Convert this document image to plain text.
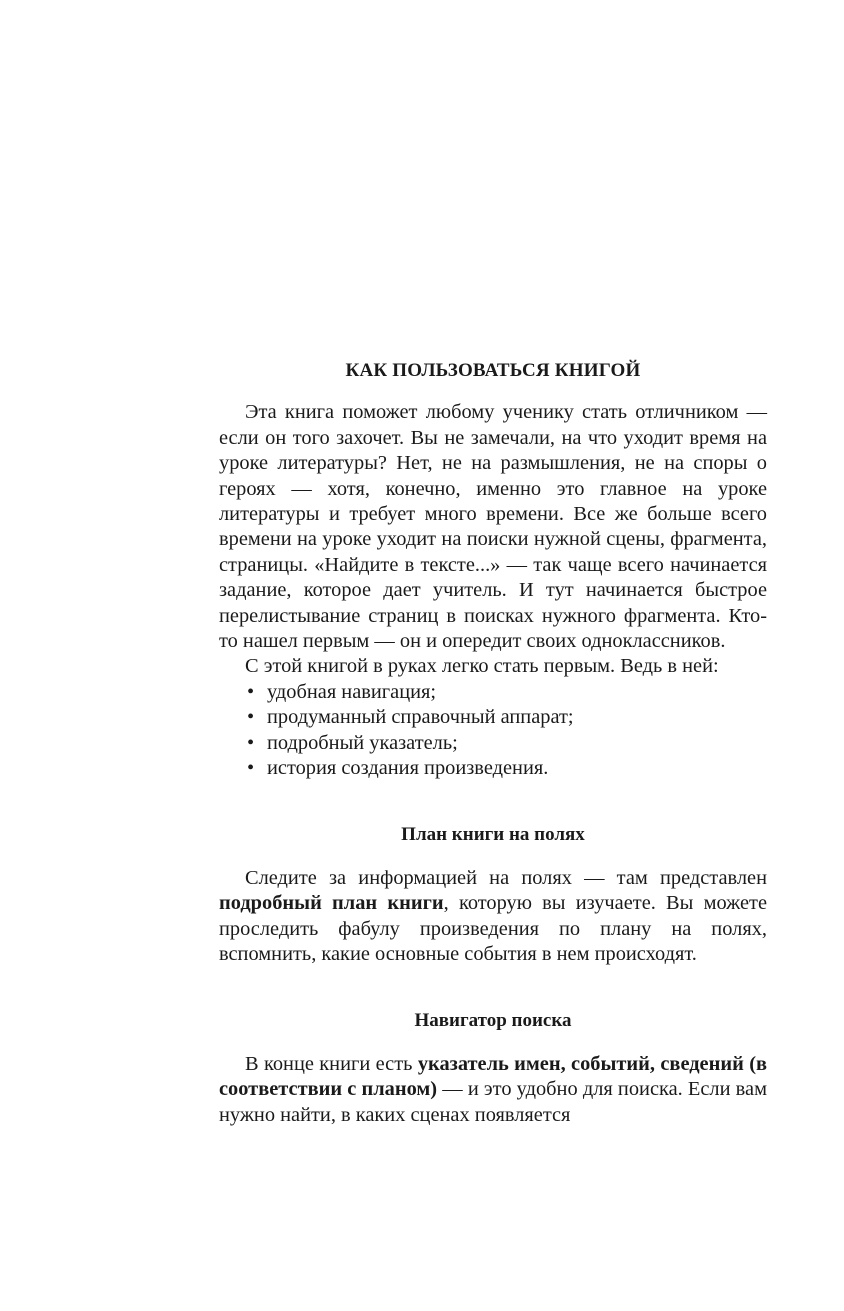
КАК ПОЛЬЗОВАТЬСЯ КНИГОЙ

Эта книга поможет любому ученику стать отличником — если он того захочет. Вы не замечали, на что уходит время на уроке литературы? Нет, не на размышления, не на споры о героях — хотя, конечно, именно это главное на уроке литературы и требует много времени. Все же больше всего времени на уроке уходит на поиски нужной сцены, фрагмента, страницы. «Найдите в тексте...» — так чаще всего начинается задание, которое дает учитель. И тут начинается быстрое перелистывание страниц в поисках нужного фрагмента. Кто-то нашел первым — он и опередит своих одноклассников.

С этой книгой в руках легко стать первым. Ведь в ней:

• удобная навигация;
• продуманный справочный аппарат;
• подробный указатель;
• история создания произведения.
План книги на полях

Следите за информацией на полях — там представлен подробный план книги, которую вы изучаете. Вы можете проследить фабулу произведения по плану на полях, вспомнить, какие основные события в нем происходят.

Навигатор поиска

В конце книги есть указатель имен, событий, сведений (в соответствии с планом) — и это удобно для поиска. Если вам нужно найти, в каких сценах появляется
